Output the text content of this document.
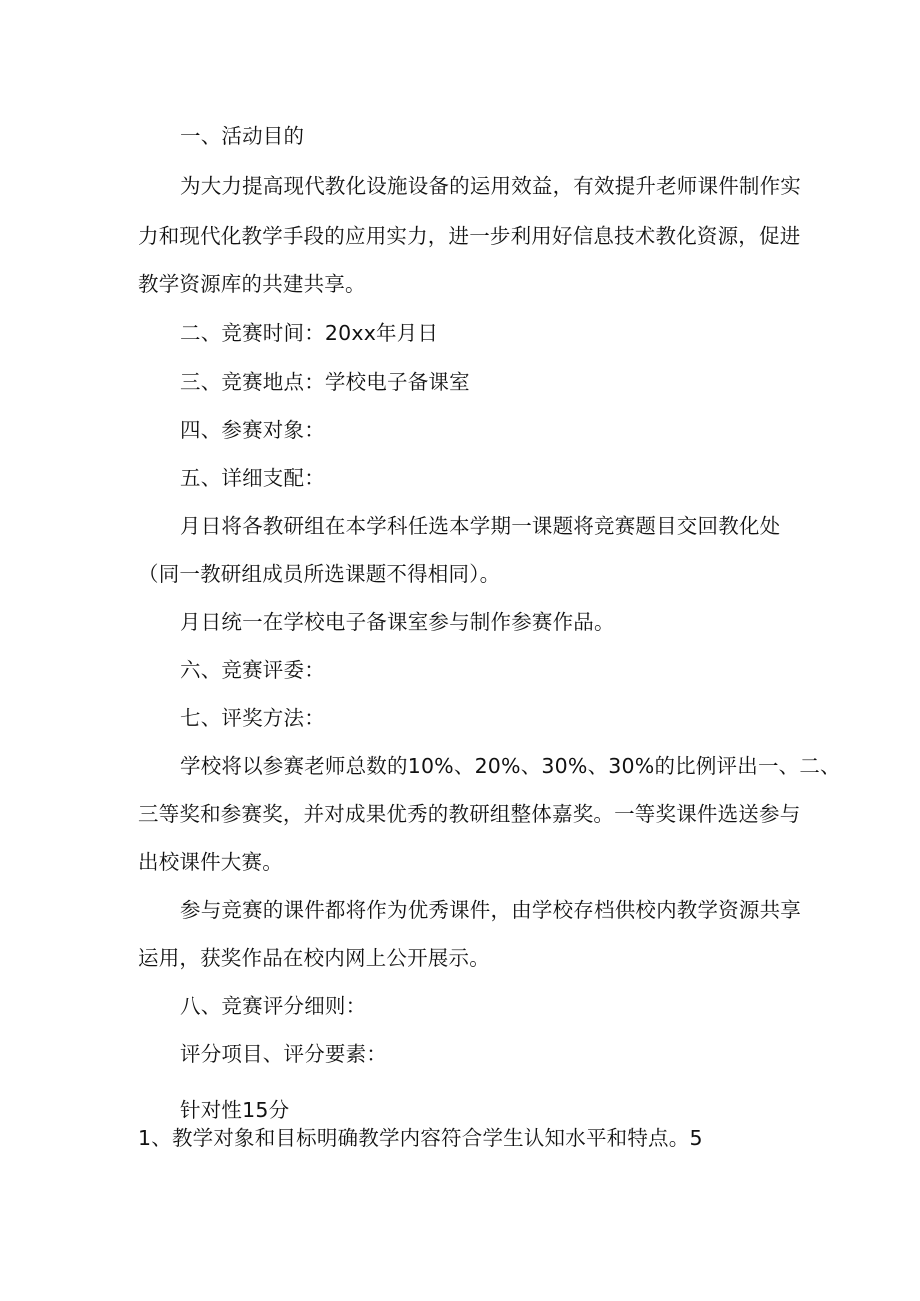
一、活动目的
为大力提高现代教化设施设备的运用效益，有效提升老师课件制作实
力和现代化教学手段的应用实力，进一步利用好信息技术教化资源，促进
教学资源库的共建共享。
二、竞赛时间：20xx年月日
三、竞赛地点：学校电子备课室
四、参赛对象：
五、详细支配：
月日将各教研组在本学科任选本学期一课题将竞赛题目交回教化处
（同一教研组成员所选课题不得相同）。
月日统一在学校电子备课室参与制作参赛作品。
六、竞赛评委：
七、评奖方法：
学校将以参赛老师总数的10%、20%、30%、30%的比例评出一、二、
三等奖和参赛奖，并对成果优秀的教研组整体嘉奖。一等奖课件选送参与
出校课件大赛。
参与竞赛的课件都将作为优秀课件，由学校存档供校内教学资源共享
运用，获奖作品在校内网上公开展示。
八、竞赛评分细则：
评分项目、评分要素：
针对性15分
1、教学对象和目标明确教学内容符合学生认知水平和特点。5
